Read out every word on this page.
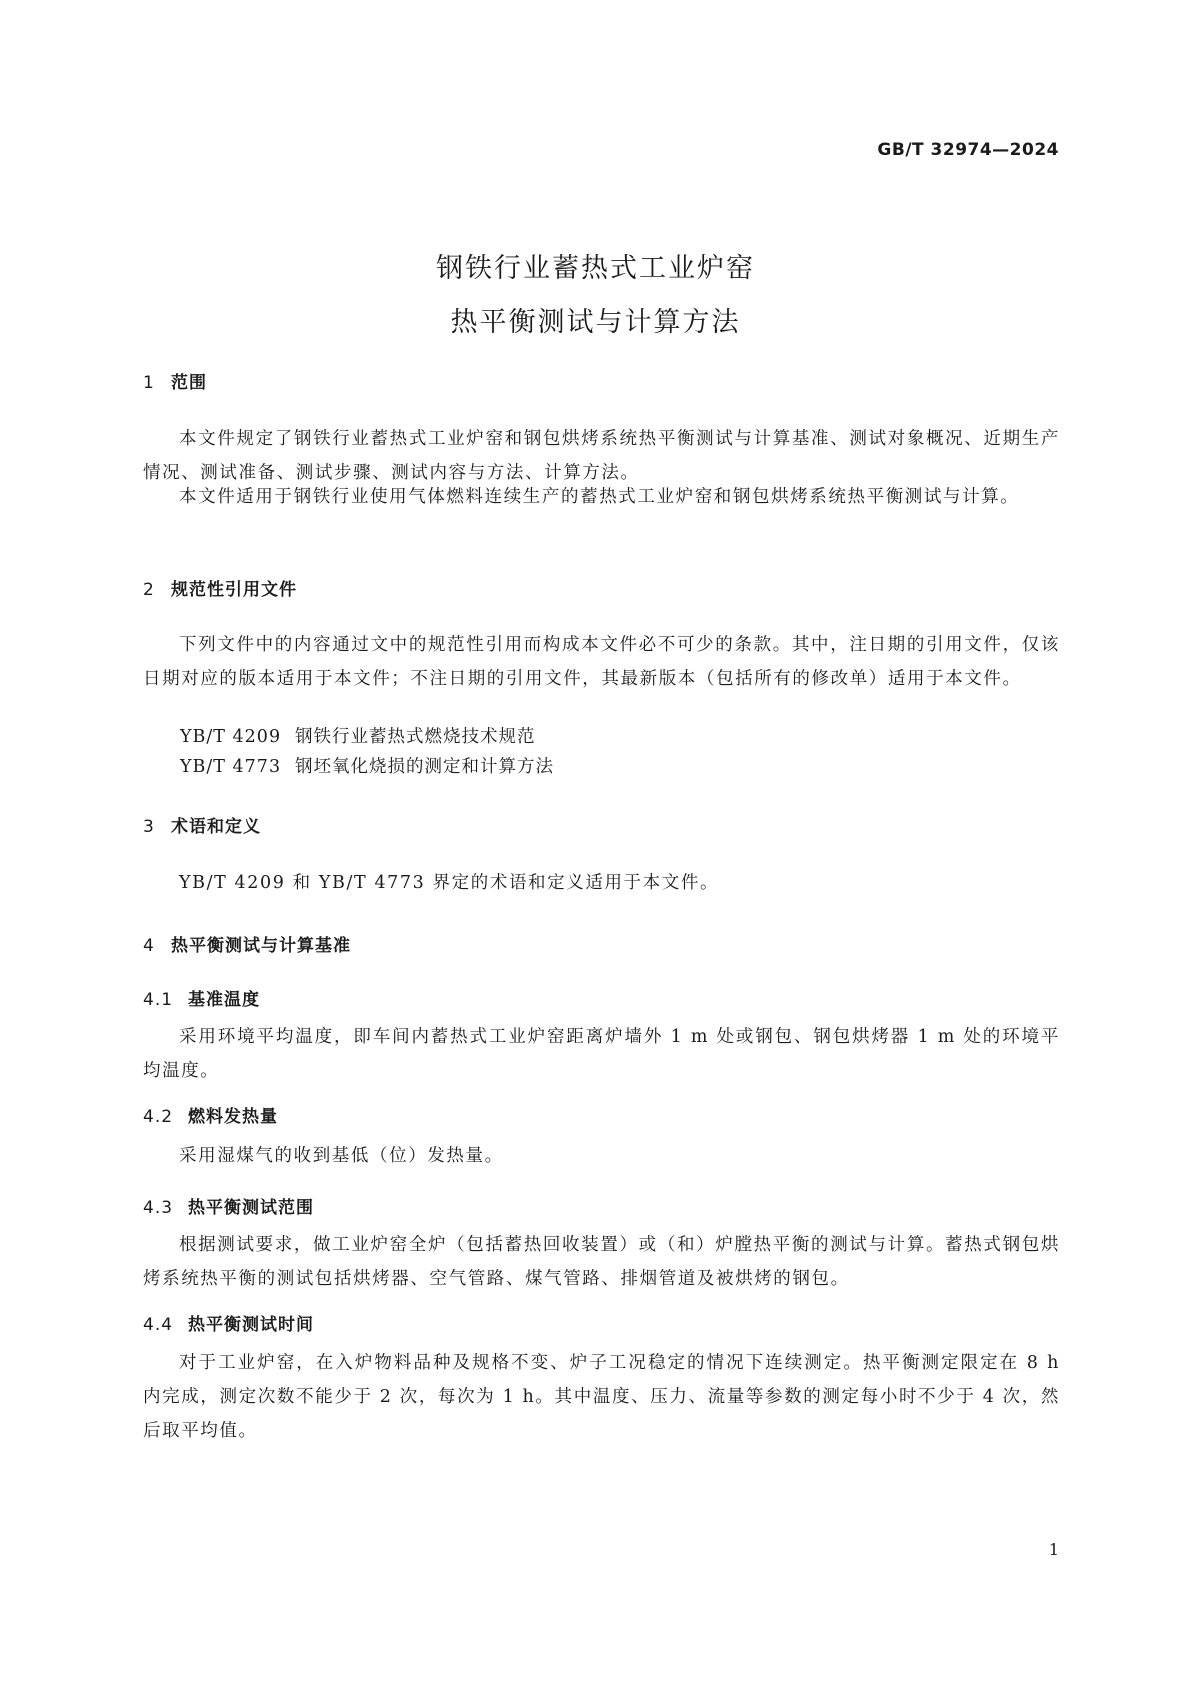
GB/T 32974—2024
钢铁行业蓄热式工业炉窑
热平衡测试与计算方法
1 范围
本文件规定了钢铁行业蓄热式工业炉窑和钢包烘烤系统热平衡测试与计算基准、测试对象概况、近期生产情况、测试准备、测试步骤、测试内容与方法、计算方法。
本文件适用于钢铁行业使用气体燃料连续生产的蓄热式工业炉窑和钢包烘烤系统热平衡测试与计算。
2 规范性引用文件
下列文件中的内容通过文中的规范性引用而构成本文件必不可少的条款。其中，注日期的引用文件，仅该日期对应的版本适用于本文件；不注日期的引用文件，其最新版本（包括所有的修改单）适用于本文件。
YB/T 4209 钢铁行业蓄热式燃烧技术规范
YB/T 4773 钢坯氧化烧损的测定和计算方法
3 术语和定义
YB/T 4209 和 YB/T 4773 界定的术语和定义适用于本文件。
4 热平衡测试与计算基准
4.1 基准温度
采用环境平均温度，即车间内蓄热式工业炉窑距离炉墙外 1 m 处或钢包、钢包烘烤器 1 m 处的环境平均温度。
4.2 燃料发热量
采用湿煤气的收到基低（位）发热量。
4.3 热平衡测试范围
根据测试要求，做工业炉窑全炉（包括蓄热回收装置）或（和）炉膛热平衡的测试与计算。蓄热式钢包烘烤系统热平衡的测试包括烘烤器、空气管路、煤气管路、排烟管道及被烘烤的钢包。
4.4 热平衡测试时间
对于工业炉窑，在入炉物料品种及规格不变、炉子工况稳定的情况下连续测定。热平衡测定限定在 8 h 内完成，测定次数不能少于 2 次，每次为 1 h。其中温度、压力、流量等参数的测定每小时不少于 4 次，然后取平均值。
1
